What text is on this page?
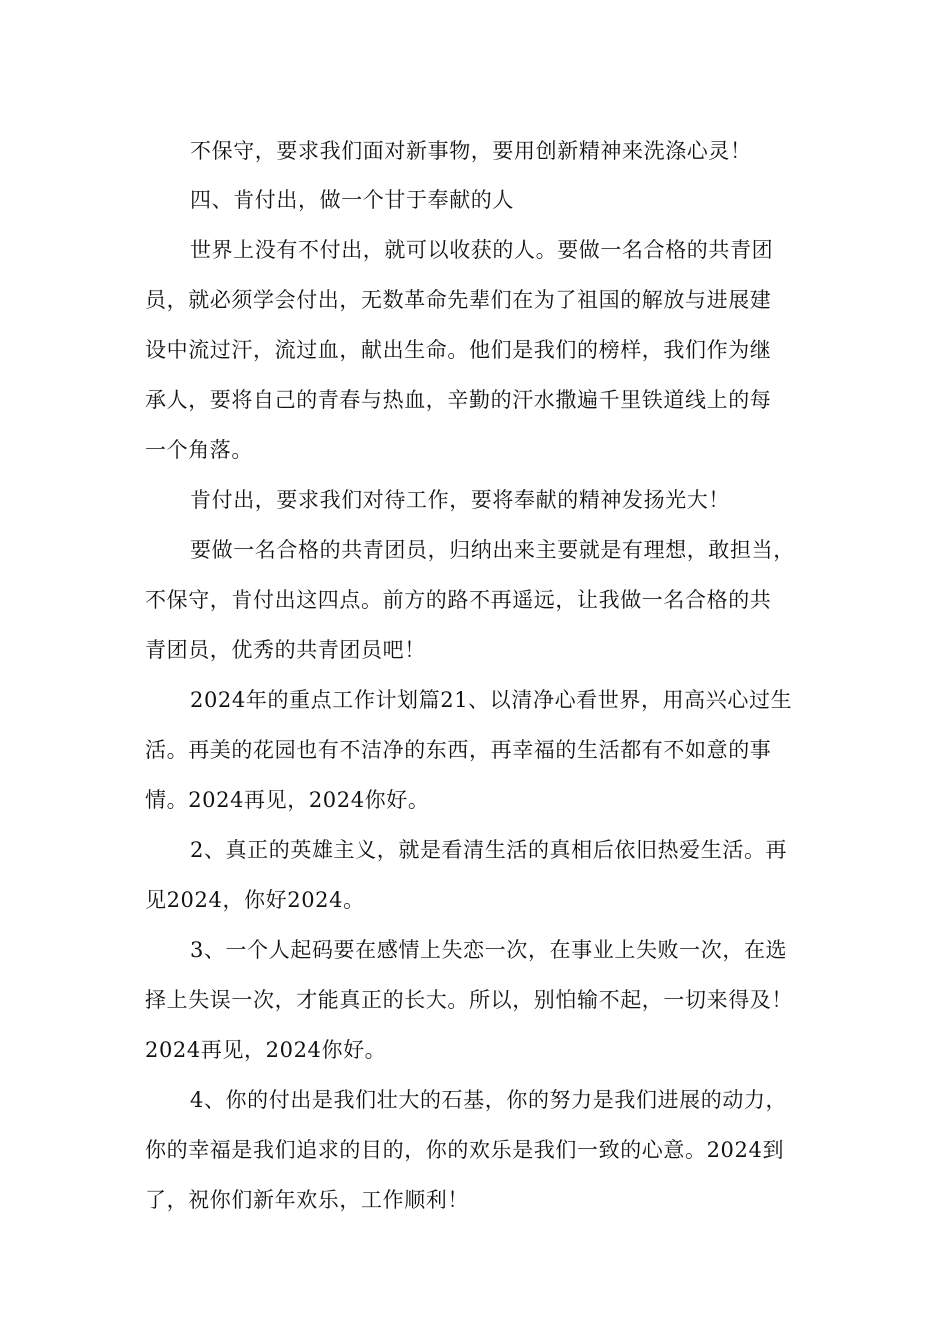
不保守，要求我们面对新事物，要用创新精神来洗涤心灵！
四、肯付出，做一个甘于奉献的人
世界上没有不付出，就可以收获的人。要做一名合格的共青团
员，就必须学会付出，无数革命先辈们在为了祖国的解放与进展建
设中流过汗，流过血，献出生命。他们是我们的榜样，我们作为继
承人，要将自己的青春与热血，辛勤的汗水撒遍千里铁道线上的每
一个角落。
肯付出，要求我们对待工作，要将奉献的精神发扬光大！
要做一名合格的共青团员，归纳出来主要就是有理想，敢担当，
不保守，肯付出这四点。前方的路不再遥远，让我做一名合格的共
青团员，优秀的共青团员吧！
2024年的重点工作计划篇21、以清净心看世界，用高兴心过生
活。再美的花园也有不洁净的东西，再幸福的生活都有不如意的事
情。2024再见，2024你好。
2、真正的英雄主义，就是看清生活的真相后依旧热爱生活。再
见2024，你好2024。
3、一个人起码要在感情上失恋一次，在事业上失败一次，在选
择上失误一次，才能真正的长大。所以，别怕输不起，一切来得及！
2024再见，2024你好。
4、你的付出是我们壮大的石基，你的努力是我们进展的动力，
你的幸福是我们追求的目的，你的欢乐是我们一致的心意。2024到
了，祝你们新年欢乐，工作顺利！
